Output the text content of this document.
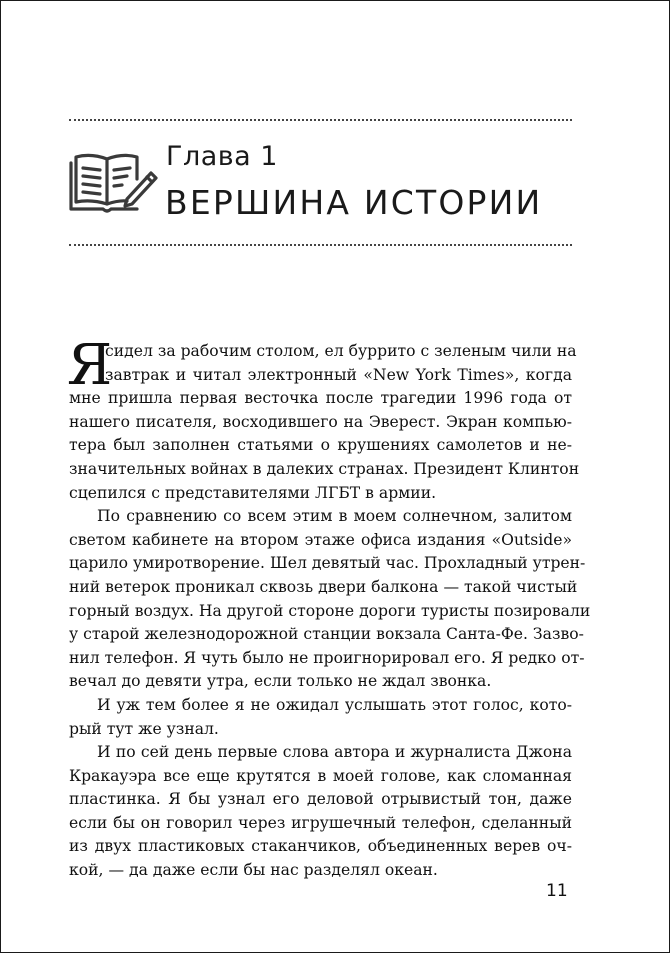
Глава 1
ВЕРШИНА ИСТОРИИ
Я
сидел за рабочим столом, ел буррито с зеленым чили на
завтрак и читал электронный «New York Times», когда
мне пришла первая весточка после трагедии 1996 года от
нашего писателя, восходившего на Эверест. Экран компью-
тера был заполнен статьями о крушениях самолетов и не-
значительных войнах в далеких странах. Президент Клинтон
сцепился с представителями ЛГБТ в армии.
По сравнению со всем этим в моем солнечном, залитом
светом кабинете на втором этаже офиса издания «Outside»
царило умиротворение. Шел девятый час. Прохладный утрен-
ний ветерок проникал сквозь двери балкона — такой чистый
горный воздух. На другой стороне дороги туристы позировали
у старой железнодорожной станции вокзала Санта-Фе. Зазво-
нил телефон. Я чуть было не проигнорировал его. Я редко от-
вечал до девяти утра, если только не ждал звонка.
И уж тем более я не ожидал услышать этот голос, кото-
рый тут же узнал.
И по сей день первые слова автора и журналиста Джона
Кракауэра все еще крутятся в моей голове, как сломанная
пластинка. Я бы узнал его деловой отрывистый тон, даже
если бы он говорил через игрушечный телефон, сделанный
из двух пластиковых стаканчиков, объединенных верев оч-
кой, — да даже если бы нас разделял океан.
11
